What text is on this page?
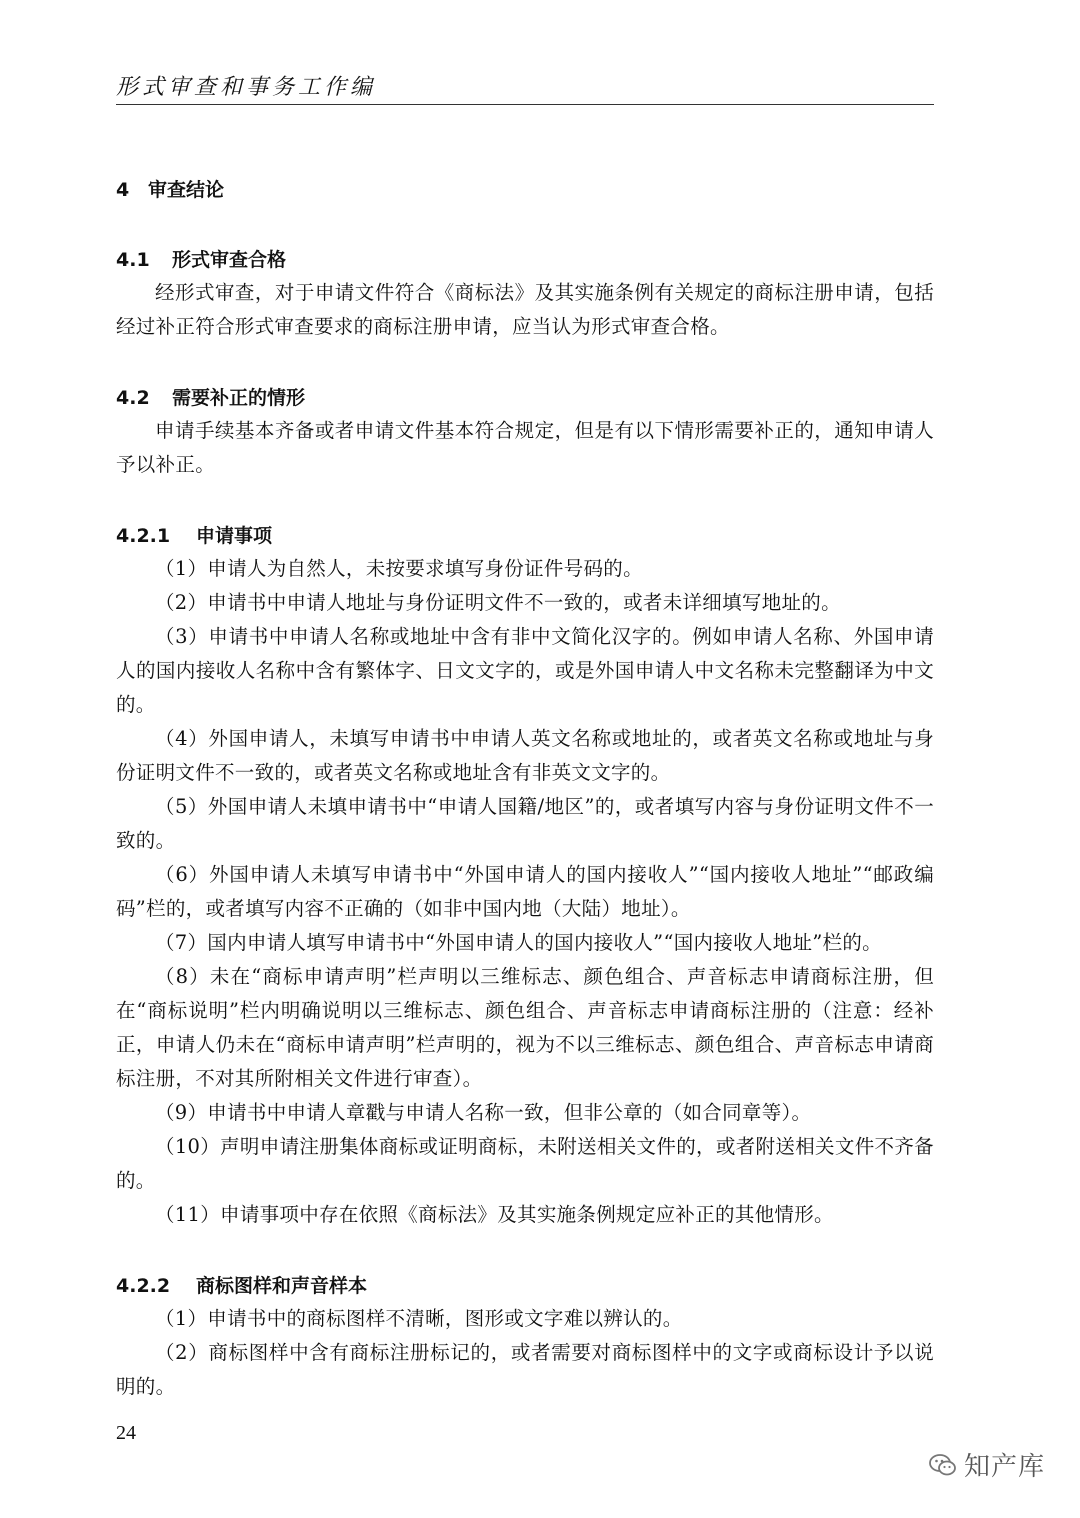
形式审查和事务工作编
4 审查结论
4.1 形式审查合格

经形式审查，对于申请文件符合《商标法》及其实施条例有关规定的商标注册申请，包括经过补正符合形式审查要求的商标注册申请，应当认为形式审查合格。

4.2 需要补正的情形

申请手续基本齐备或者申请文件基本符合规定，但是有以下情形需要补正的，通知申请人予以补正。

4.2.1 申请事项

（1）申请人为自然人，未按要求填写身份证件号码的。

（2）申请书中申请人地址与身份证明文件不一致的，或者未详细填写地址的。

（3）申请书中申请人名称或地址中含有非中文简化汉字的。例如申请人名称、外国申请人的国内接收人名称中含有繁体字、日文文字的，或是外国申请人中文名称未完整翻译为中文的。

（4）外国申请人，未填写申请书中申请人英文名称或地址的，或者英文名称或地址与身份证明文件不一致的，或者英文名称或地址含有非英文文字的。

（5）外国申请人未填申请书中“申请人国籍/地区”的，或者填写内容与身份证明文件不一致的。

（6）外国申请人未填写申请书中“外国申请人的国内接收人”“国内接收人地址”“邮政编码”栏的，或者填写内容不正确的（如非中国内地（大陆）地址）。

（7）国内申请人填写申请书中“外国申请人的国内接收人”“国内接收人地址”栏的。

（8）未在“商标申请声明”栏声明以三维标志、颜色组合、声音标志申请商标注册，但在“商标说明”栏内明确说明以三维标志、颜色组合、声音标志申请商标注册的（注意：经补正，申请人仍未在“商标申请声明”栏声明的，视为不以三维标志、颜色组合、声音标志申请商标注册，不对其所附相关文件进行审查）。

（9）申请书中申请人章戳与申请人名称一致，但非公章的（如合同章等）。

（10）声明申请注册集体商标或证明商标，未附送相关文件的，或者附送相关文件不齐备的。

（11）申请事项中存在依照《商标法》及其实施条例规定应补正的其他情形。

4.2.2 商标图样和声音样本

（1）申请书中的商标图样不清晰，图形或文字难以辨认的。

（2）商标图样中含有商标注册标记的，或者需要对商标图样中的文字或商标设计予以说明的。

24
知产库
